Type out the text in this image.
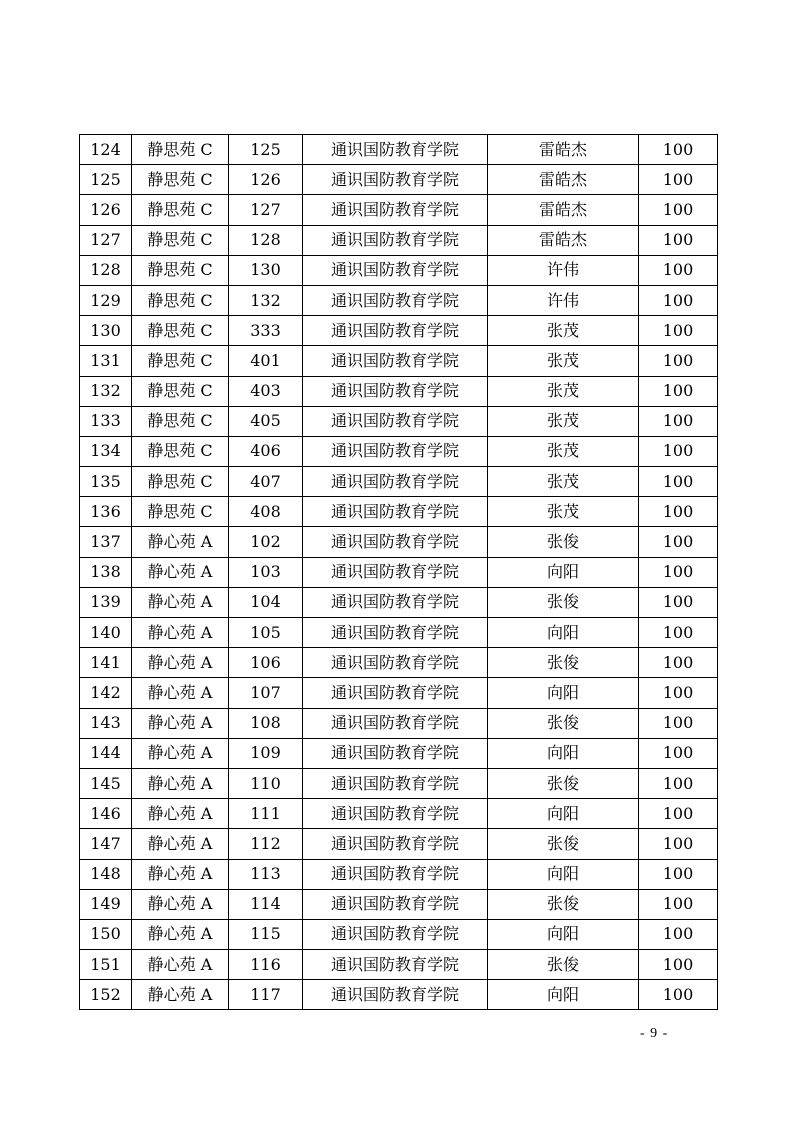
124	静思苑 C	125	通识国防教育学院	雷皓杰	100
125	静思苑 C	126	通识国防教育学院	雷皓杰	100
126	静思苑 C	127	通识国防教育学院	雷皓杰	100
127	静思苑 C	128	通识国防教育学院	雷皓杰	100
128	静思苑 C	130	通识国防教育学院	许伟	100
129	静思苑 C	132	通识国防教育学院	许伟	100
130	静思苑 C	333	通识国防教育学院	张茂	100
131	静思苑 C	401	通识国防教育学院	张茂	100
132	静思苑 C	403	通识国防教育学院	张茂	100
133	静思苑 C	405	通识国防教育学院	张茂	100
134	静思苑 C	406	通识国防教育学院	张茂	100
135	静思苑 C	407	通识国防教育学院	张茂	100
136	静思苑 C	408	通识国防教育学院	张茂	100
137	静心苑 A	102	通识国防教育学院	张俊	100
138	静心苑 A	103	通识国防教育学院	向阳	100
139	静心苑 A	104	通识国防教育学院	张俊	100
140	静心苑 A	105	通识国防教育学院	向阳	100
141	静心苑 A	106	通识国防教育学院	张俊	100
142	静心苑 A	107	通识国防教育学院	向阳	100
143	静心苑 A	108	通识国防教育学院	张俊	100
144	静心苑 A	109	通识国防教育学院	向阳	100
145	静心苑 A	110	通识国防教育学院	张俊	100
146	静心苑 A	111	通识国防教育学院	向阳	100
147	静心苑 A	112	通识国防教育学院	张俊	100
148	静心苑 A	113	通识国防教育学院	向阳	100
149	静心苑 A	114	通识国防教育学院	张俊	100
150	静心苑 A	115	通识国防教育学院	向阳	100
151	静心苑 A	116	通识国防教育学院	张俊	100
152	静心苑 A	117	通识国防教育学院	向阳	100
- 9 -
